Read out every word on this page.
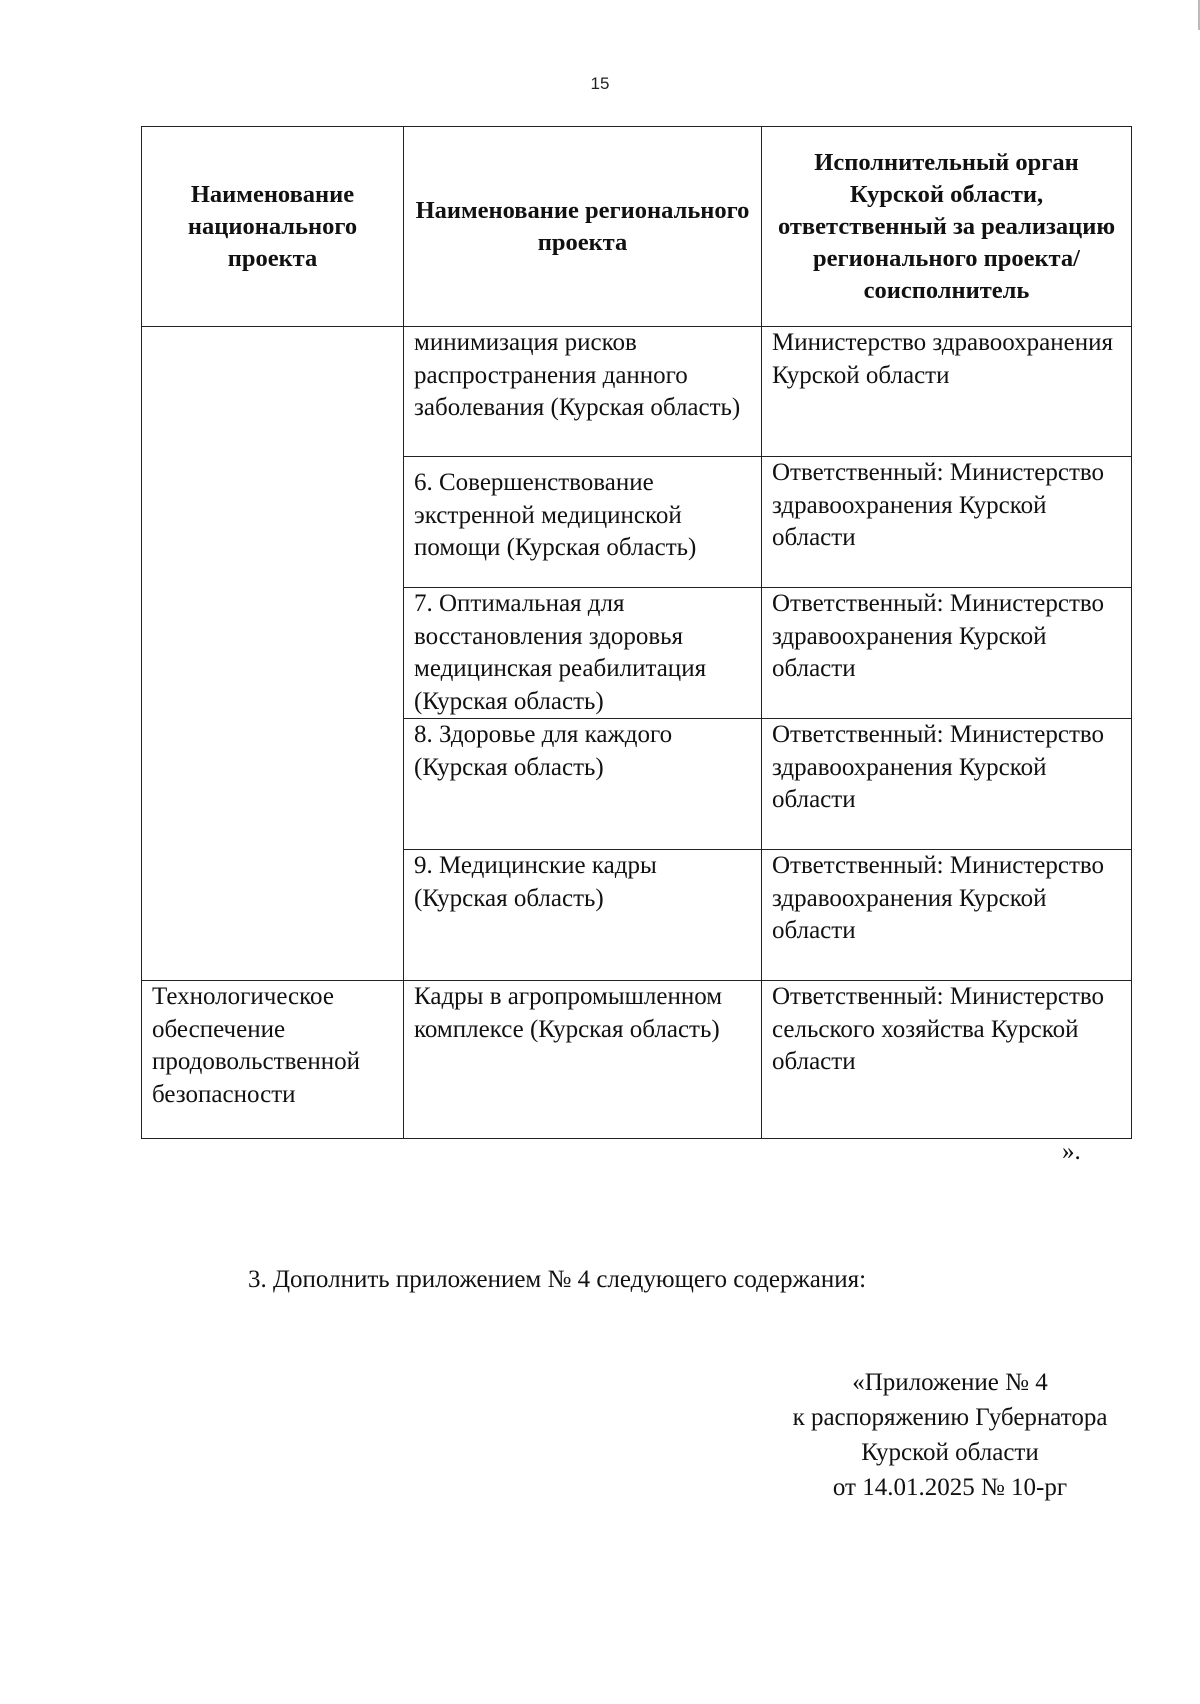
15
Наименование национального проекта	Наименование регионального проекта	Исполнительный орган Курской области, ответственный за реализацию регионального проекта/соисполнитель
	минимизация рисков распространения данного заболевания (Курская область)	Министерство здравоохранения Курской области
	6. Совершенствование экстренной медицинской помощи (Курская область)	Ответственный: Министерство здравоохранения Курской области
	7. Оптимальная для восстановления здоровья медицинская реабилитация (Курская область)	Ответственный: Министерство здравоохранения Курской области
	8. Здоровье для каждого (Курская область)	Ответственный: Министерство здравоохранения Курской области
	9. Медицинские кадры (Курская область)	Ответственный: Министерство здравоохранения Курской области
Технологическое обеспечение продовольственной безопасности	Кадры в агропромышленном комплексе (Курская область)	Ответственный: Министерство сельского хозяйства Курской области
».
3. Дополнить приложением № 4 следующего содержания:
«Приложение № 4
к распоряжению Губернатора
Курской области
от 14.01.2025 № 10-рг
